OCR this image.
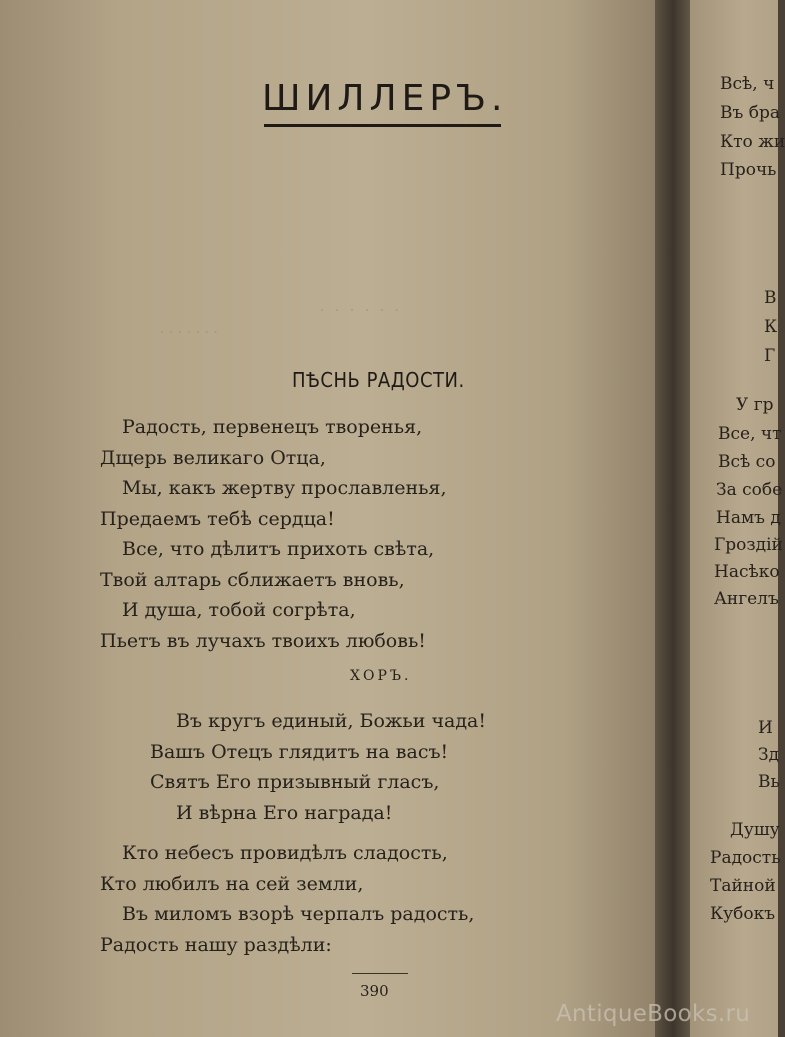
· · · · · ·
· · · · · · ·
ШИЛЛЕРЪ.
ПѢСНЬ РАДОСТИ.

Радость, первенецъ творенья,

Дщерь великаго Отца,

Мы, какъ жертву прославленья,

Предаемъ тебѣ сердца!

Все, что дѣлитъ прихоть свѣта,

Твой алтарь сближаетъ вновь,

И душа, тобой согрѣта,

Пьетъ въ лучахъ твоихъ любовь!

ХОРЪ.

Въ кругъ единый, Божьи чада!

Вашъ Отецъ глядитъ на васъ!

Святъ Его призывный гласъ,

И вѣрна Его награда!

Кто небесъ провидѣлъ сладость,

Кто любилъ на сей земли,

Въ миломъ взорѣ черпалъ радость,

Радость нашу раздѣли:

390

Всѣ, ч

Въ бра

Кто жи

Прочь

В

К

Г

У гр

Все, чт

Всѣ со

За собе

Намъ д

Гроздій

Насѣко

Ангелъ

И

Зд

Вь

Душу

Радость

Тайной

Кубокъ

AntiqueBooks.ru
